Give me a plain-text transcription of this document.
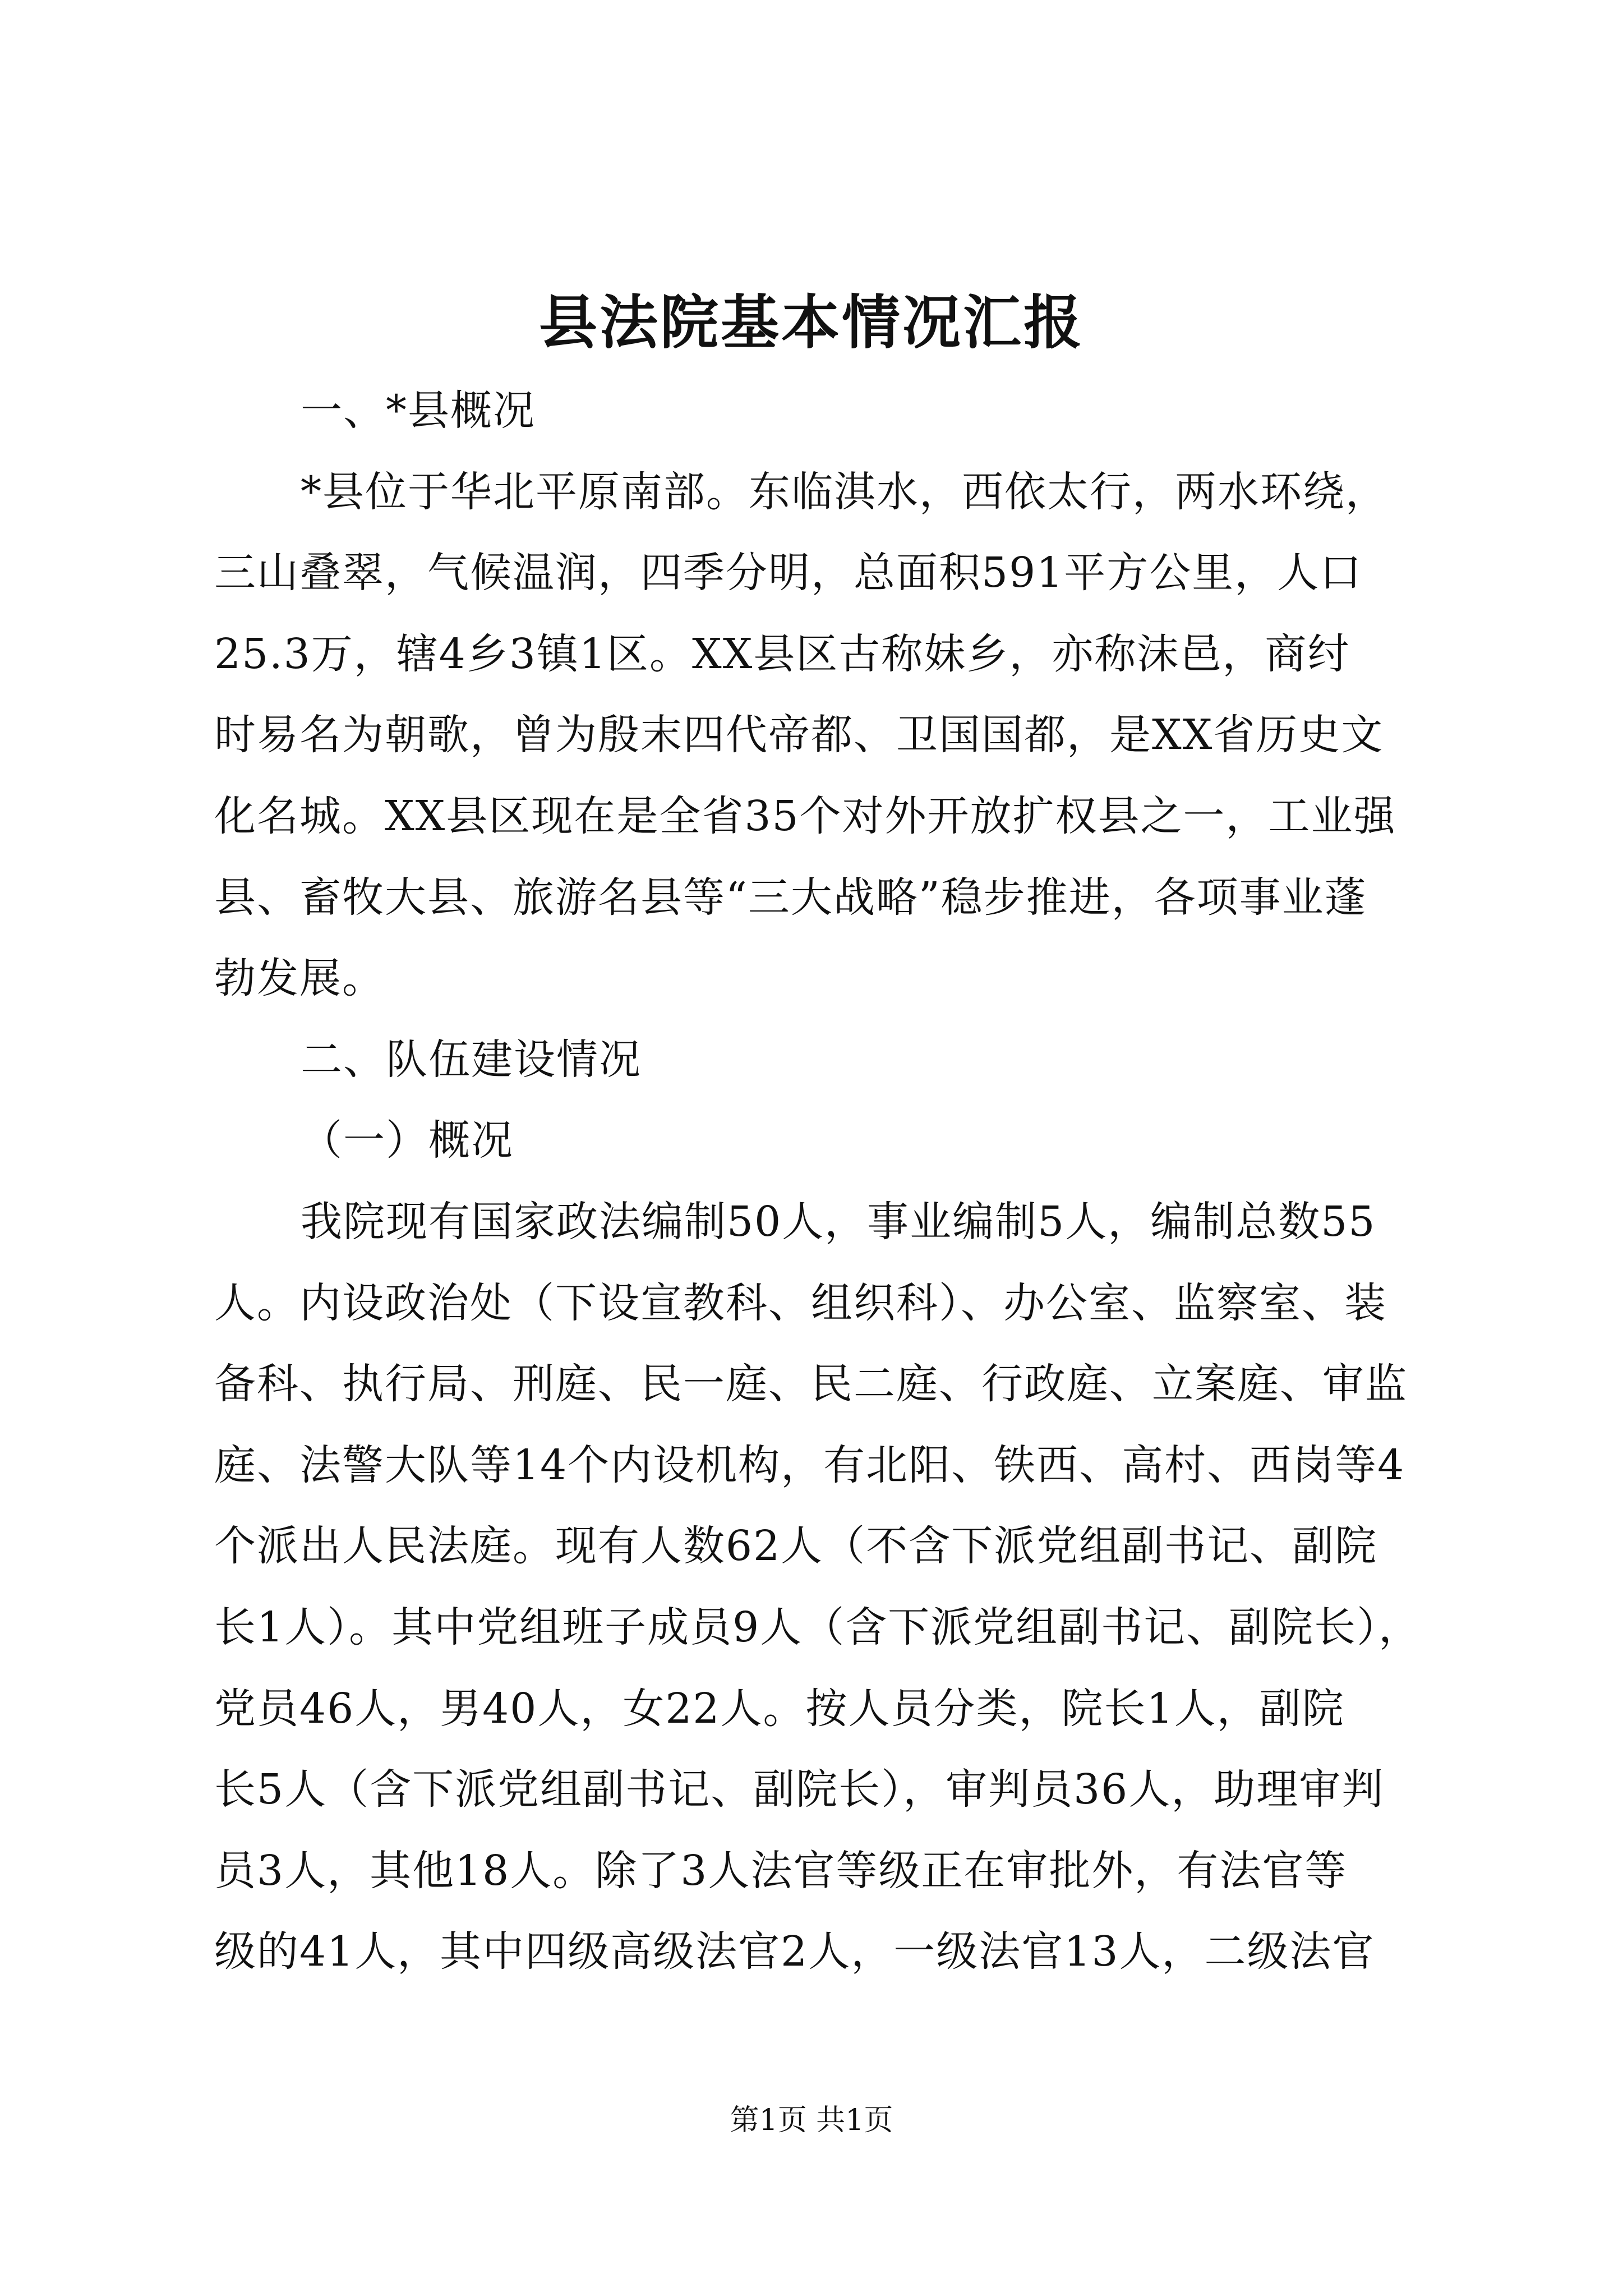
县法院基本情况汇报

一、*县概况

*县位于华北平原南部。东临淇水，西依太行，两水环绕，

三山叠翠，气候温润，四季分明，总面积591平方公里，人口

25.3万，辖4乡3镇1区。XX县区古称妹乡，亦称沫邑，商纣

时易名为朝歌，曾为殷末四代帝都、卫国国都，是XX省历史文

化名城。XX县区现在是全省35个对外开放扩权县之一，工业强

县、畜牧大县、旅游名县等“三大战略”稳步推进，各项事业蓬

勃发展。

二、队伍建设情况

（一）概况

我院现有国家政法编制50人，事业编制5人，编制总数55

人。内设政治处（下设宣教科、组织科）、办公室、监察室、装

备科、执行局、刑庭、民一庭、民二庭、行政庭、立案庭、审监

庭、法警大队等14个内设机构，有北阳、铁西、高村、西岗等4

个派出人民法庭。现有人数62人（不含下派党组副书记、副院

长1人）。其中党组班子成员9人（含下派党组副书记、副院长），

党员46人，男40人，女22人。按人员分类，院长1人，副院

长5人（含下派党组副书记、副院长），审判员36人，助理审判

员3人，其他18人。除了3人法官等级正在审批外，有法官等

级的41人，其中四级高级法官2人，一级法官13人，二级法官

第1页 共1页
